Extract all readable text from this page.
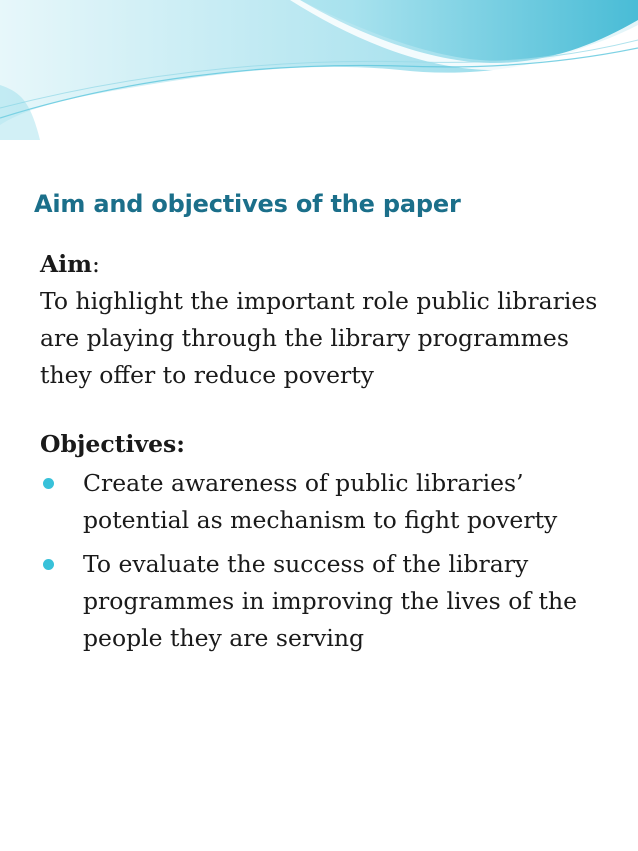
Aim and objectives of the paper
Aim:

To highlight the important role public libraries are playing through the library programmes they offer to reduce poverty

Objectives:
Create awareness of public libraries’ potential as mechanism to fight poverty
To evaluate the success of the library programmes in improving the lives of the people they are serving
